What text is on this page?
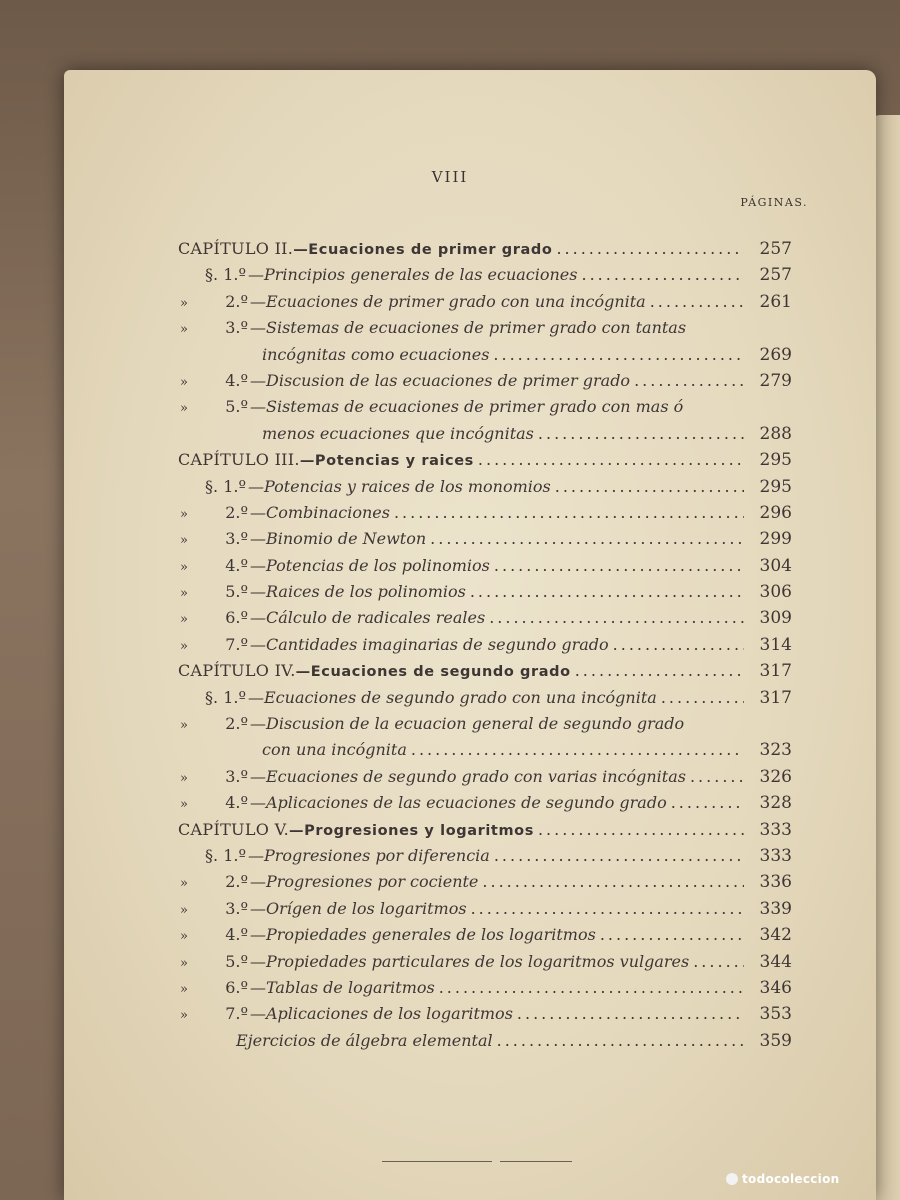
VIII
PÁGINAS.
CAPÍTULO II. —Ecuaciones de primer grado .....	257
§. 1.º —Principios generales de las ecuaciones .....	257
»	2.º —Ecuaciones de primer grado con una incógnita .....	261
»	3.º —Sistemas de ecuaciones de primer grado con tantas
incógnitas como ecuaciones .....	269
»	4.º —Discusion de las ecuaciones de primer grado .....	279
»	5.º —Sistemas de ecuaciones de primer grado con mas ó
menos ecuaciones que incógnitas .....	288
CAPÍTULO III. —Potencias y raices .....	295
§. 1.º —Potencias y raices de los monomios .....	295
»	2.º —Combinaciones .....	296
»	3.º —Binomio de Newton .....	299
»	4.º —Potencias de los polinomios .....	304
»	5.º —Raices de los polinomios .....	306
»	6.º —Cálculo de radicales reales .....	309
»	7.º —Cantidades imaginarias de segundo grado .....	314
CAPÍTULO IV. —Ecuaciones de segundo grado .....	317
§. 1.º —Ecuaciones de segundo grado con una incógnita .....	317
»	2.º —Discusion de la ecuacion general de segundo grado
con una incógnita .....	323
»	3.º —Ecuaciones de segundo grado con varias incógnitas .....	326
»	4.º —Aplicaciones de las ecuaciones de segundo grado .....	328
CAPÍTULO V. —Progresiones y logaritmos .....	333
§. 1.º —Progresiones por diferencia .....	333
»	2.º —Progresiones por cociente .....	336
»	3.º —Orígen de los logaritmos .....	339
»	4.º —Propiedades generales de los logaritmos .....	342
»	5.º —Propiedades particulares de los logaritmos vulgares .....	344
»	6.º —Tablas de logaritmos .....	346
»	7.º —Aplicaciones de los logaritmos .....	353
Ejercicios de álgebra elemental .....	359
todocoleccion
